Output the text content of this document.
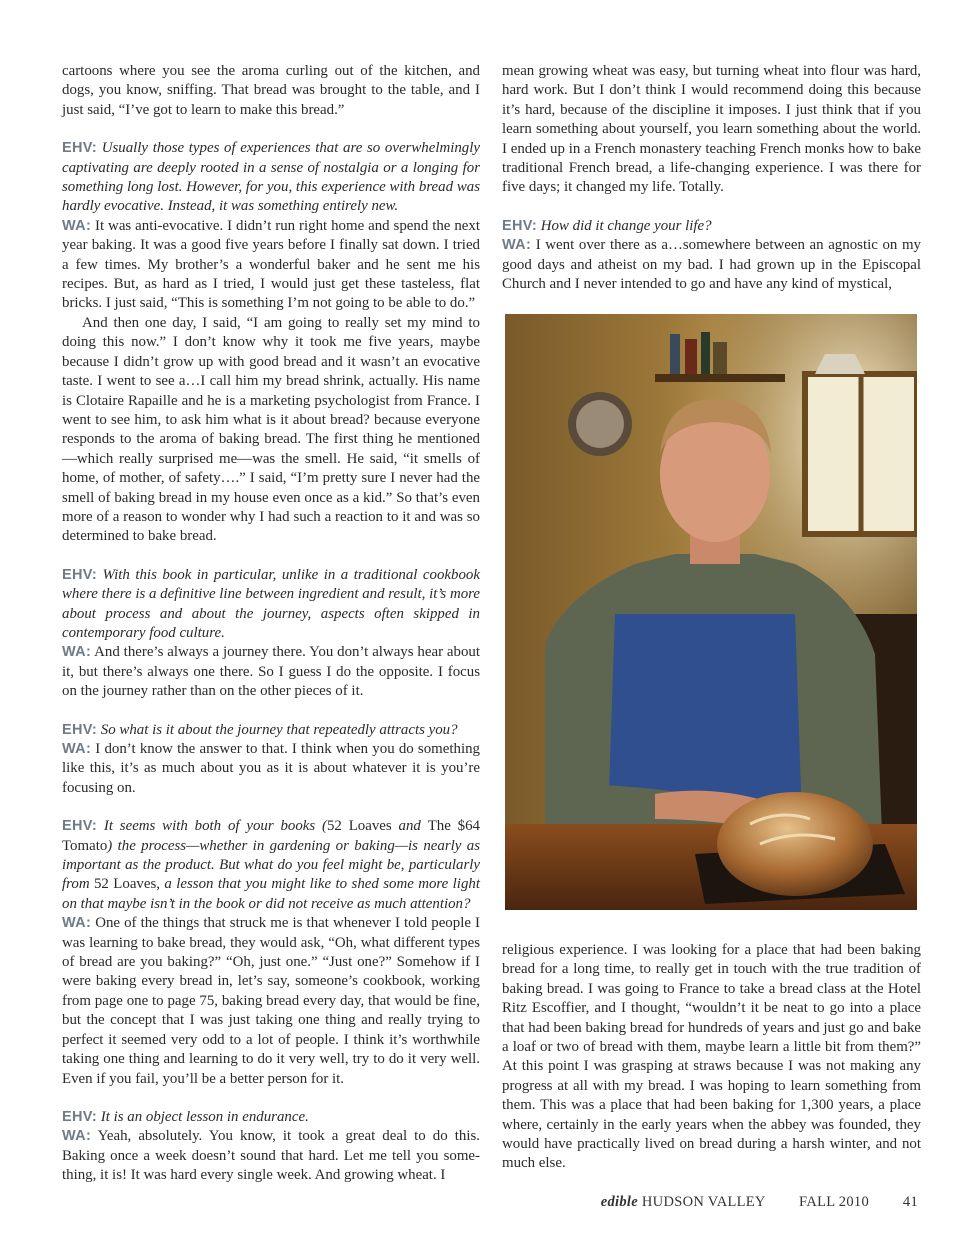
cartoons where you see the aroma curling out of the kitchen, and dogs, you know, sniffing. That bread was brought to the table, and I just said, “I’ve got to learn to make this bread.”

EHV: Usually those types of experiences that are so overwhelmingly captivating are deeply rooted in a sense of nostalgia or a longing for something long lost. However, for you, this experience with bread was hardly evocative. Instead, it was something entirely new.

WA: It was anti-evocative. I didn’t run right home and spend the next year baking. It was a good five years before I finally sat down. I tried a few times. My brother’s a wonderful baker and he sent me his recipes. But, as hard as I tried, I would just get these tasteless, flat bricks. I just said, “This is something I’m not going to be able to do.”

And then one day, I said, “I am going to really set my mind to doing this now.” I don’t know why it took me five years, maybe because I didn’t grow up with good bread and it wasn’t an evocative taste. I went to see a…I call him my bread shrink, actually. His name is Clotaire Rapaille and he is a marketing psychologist from France. I went to see him, to ask him what is it about bread? because everyone responds to the aroma of baking bread. The first thing he mentioned—which really surprised me—was the smell. He said, “it smells of home, of mother, of safety….” I said, “I’m pretty sure I never had the smell of baking bread in my house even once as a kid.” So that’s even more of a reason to wonder why I had such a reaction to it and was so determined to bake bread.

EHV: With this book in particular, unlike in a traditional cookbook where there is a definitive line between ingredient and result, it’s more about process and about the journey, aspects often skipped in contemporary food culture.

WA: And there’s always a journey there. You don’t always hear about it, but there’s always one there. So I guess I do the opposite. I focus on the journey rather than on the other pieces of it.

EHV: So what is it about the journey that repeatedly attracts you?

WA: I don’t know the answer to that. I think when you do something like this, it’s as much about you as it is about whatever it is you’re focusing on.

EHV: It seems with both of your books (52 Loaves and The $64 Tomato) the process—whether in gardening or baking—is nearly as important as the product. But what do you feel might be, particularly from 52 Loaves, a lesson that you might like to shed some more light on that maybe isn’t in the book or did not receive as much attention?

WA: One of the things that struck me is that whenever I told people I was learning to bake bread, they would ask, “Oh, what different types of bread are you baking?” “Oh, just one.” “Just one?” Somehow if I were baking every bread in, let’s say, someone’s cookbook, working from page one to page 75, baking bread every day, that would be fine, but the concept that I was just taking one thing and really trying to perfect it seemed very odd to a lot of people. I think it’s worthwhile taking one thing and learning to do it very well, try to do it very well. Even if you fail, you’ll be a better person for it.

EHV: It is an object lesson in endurance.

WA: Yeah, absolutely. You know, it took a great deal to do this. Baking once a week doesn’t sound that hard. Let me tell you something, it is! It was hard every single week. And growing wheat. I

mean growing wheat was easy, but turning wheat into flour was hard, hard work. But I don’t think I would recommend doing this because it’s hard, because of the discipline it imposes. I just think that if you learn something about yourself, you learn something about the world. I ended up in a French monastery teaching French monks how to bake traditional French bread, a life-changing experience. I was there for five days; it changed my life. Totally.

EHV: How did it change your life?

WA: I went over there as a…somewhere between an agnostic on my good days and atheist on my bad. I had grown up in the Episcopal Church and I never intended to go and have any kind of mystical,

religious experience. I was looking for a place that had been baking bread for a long time, to really get in touch with the true tradition of baking bread. I was going to France to take a bread class at the Hotel Ritz Escoffier, and I thought, “wouldn’t it be neat to go into a place that had been baking bread for hundreds of years and just go and bake a loaf or two of bread with them, maybe learn a little bit from them?” At this point I was grasping at straws because I was not making any progress at all with my bread. I was hoping to learn something from them. This was a place that had been baking for 1,300 years, a place where, certainly in the early years when the abbey was founded, they would have practically lived on bread during a harsh winter, and not much else.

edible HUDSON VALLEY FALL 2010 41
